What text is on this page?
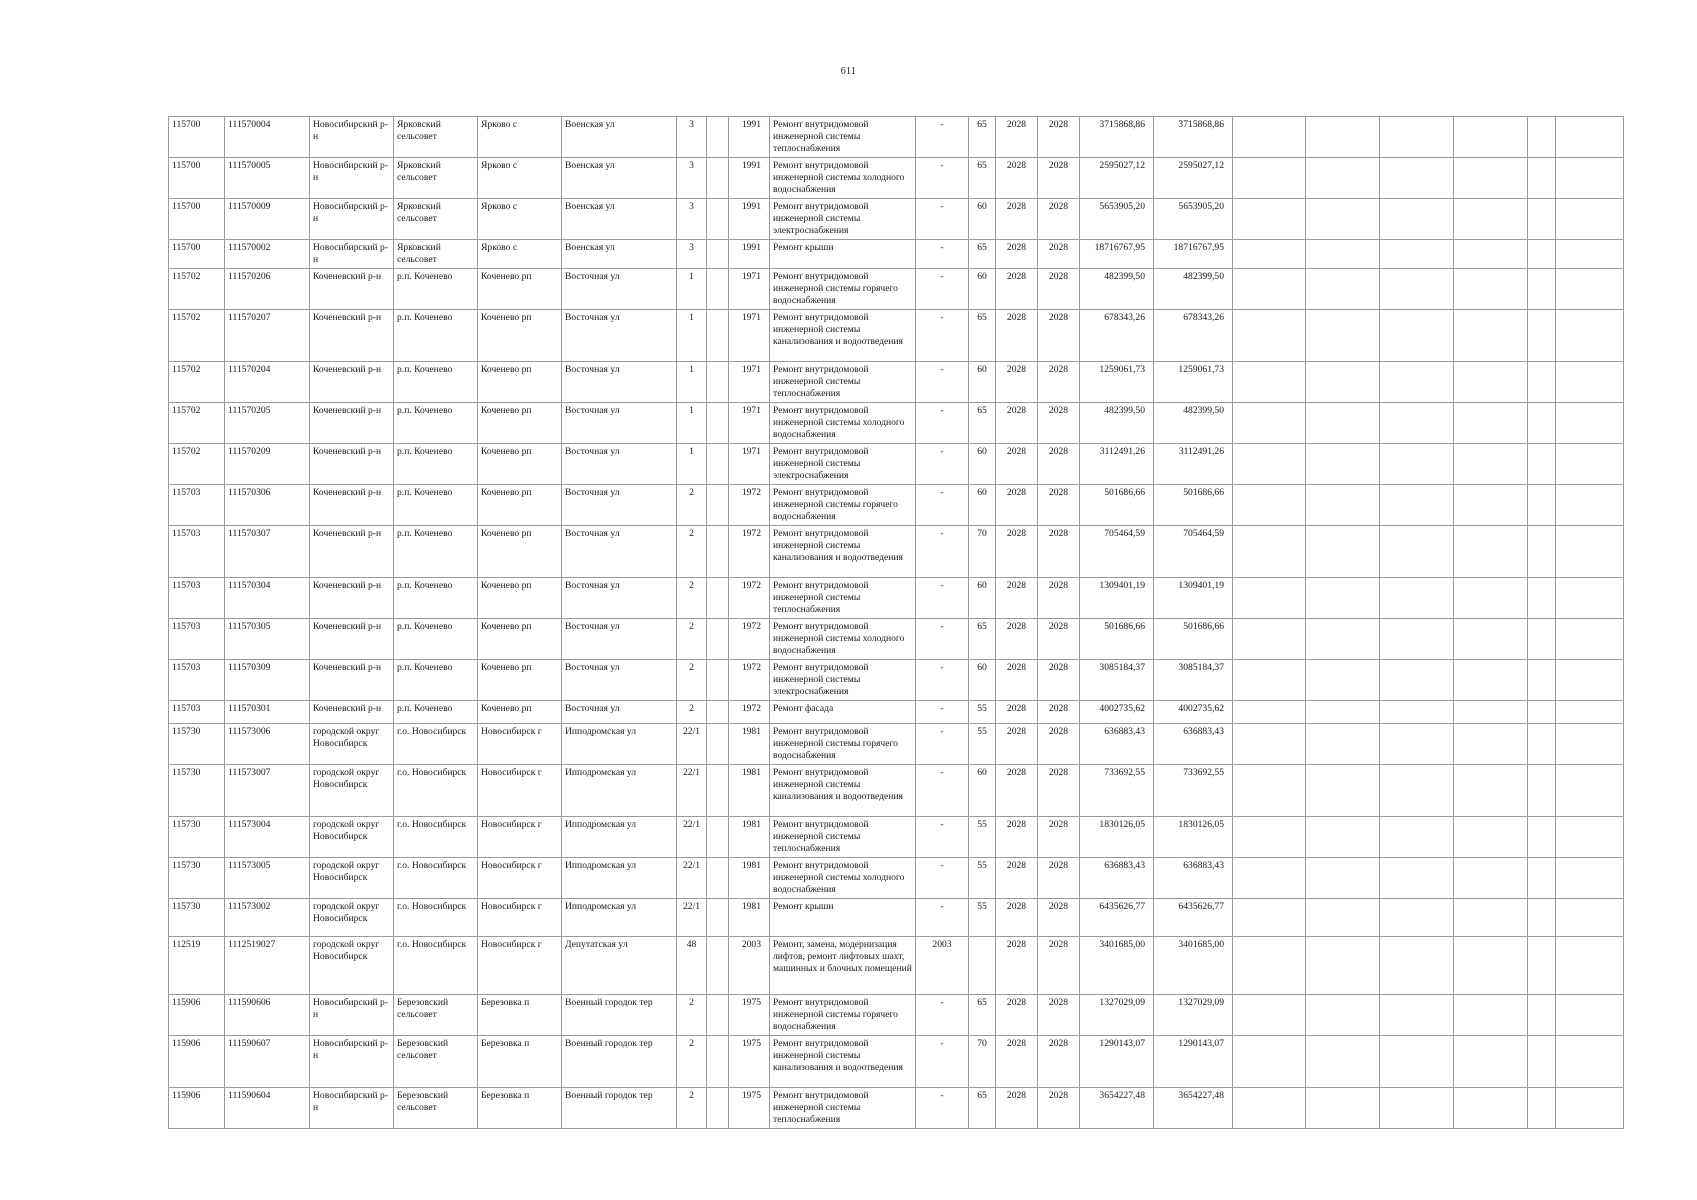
611
115700	111570004	Новосибирский р-н	Ярковский сельсовет	Ярково с	Военская ул	3		1991	Ремонт внутридомовой инженерной системы теплоснабжения	-	65	2028	2028	3715868,86	3715868,86						
115700	111570005	Новосибирский р-н	Ярковский сельсовет	Ярково с	Военская ул	3		1991	Ремонт внутридомовой инженерной системы холодного водоснабжения	-	65	2028	2028	2595027,12	2595027,12						
115700	111570009	Новосибирский р-н	Ярковский сельсовет	Ярково с	Военская ул	3		1991	Ремонт внутридомовой инженерной системы электроснабжения	-	60	2028	2028	5653905,20	5653905,20						
115700	111570002	Новосибирский р-н	Ярковский сельсовет	Ярково с	Военская ул	3		1991	Ремонт крыши	-	65	2028	2028	18716767,95	18716767,95						
115702	111570206	Коченевский р-н	р.п. Коченево	Коченево рп	Восточная ул	1		1971	Ремонт внутридомовой инженерной системы горячего водоснабжения	-	60	2028	2028	482399,50	482399,50						
115702	111570207	Коченевский р-н	р.п. Коченево	Коченево рп	Восточная ул	1		1971	Ремонт внутридомовой инженерной системы канализования и водоотведения	-	65	2028	2028	678343,26	678343,26						
115702	111570204	Коченевский р-н	р.п. Коченево	Коченево рп	Восточная ул	1		1971	Ремонт внутридомовой инженерной системы теплоснабжения	-	60	2028	2028	1259061,73	1259061,73						
115702	111570205	Коченевский р-н	р.п. Коченево	Коченево рп	Восточная ул	1		1971	Ремонт внутридомовой инженерной системы холодного водоснабжения	-	65	2028	2028	482399,50	482399,50						
115702	111570209	Коченевский р-н	р.п. Коченево	Коченево рп	Восточная ул	1		1971	Ремонт внутридомовой инженерной системы электроснабжения	-	60	2028	2028	3112491,26	3112491,26						
115703	111570306	Коченевский р-н	р.п. Коченево	Коченево рп	Восточная ул	2		1972	Ремонт внутридомовой инженерной системы горячего водоснабжения	-	60	2028	2028	501686,66	501686,66						
115703	111570307	Коченевский р-н	р.п. Коченево	Коченево рп	Восточная ул	2		1972	Ремонт внутридомовой инженерной системы канализования и водоотведения	-	70	2028	2028	705464,59	705464,59						
115703	111570304	Коченевский р-н	р.п. Коченево	Коченево рп	Восточная ул	2		1972	Ремонт внутридомовой инженерной системы теплоснабжения	-	60	2028	2028	1309401,19	1309401,19						
115703	111570305	Коченевский р-н	р.п. Коченево	Коченево рп	Восточная ул	2		1972	Ремонт внутридомовой инженерной системы холодного водоснабжения	-	65	2028	2028	501686,66	501686,66						
115703	111570309	Коченевский р-н	р.п. Коченево	Коченево рп	Восточная ул	2		1972	Ремонт внутридомовой инженерной системы электроснабжения	-	60	2028	2028	3085184,37	3085184,37						
115703	111570301	Коченевский р-н	р.п. Коченево	Коченево рп	Восточная ул	2		1972	Ремонт фасада	-	55	2028	2028	4002735,62	4002735,62						
115730	111573006	городской округ Новосибирск	г.о. Новосибирск	Новосибирск г	Ипподромская ул	22/1		1981	Ремонт внутридомовой инженерной системы горячего водоснабжения	-	55	2028	2028	636883,43	636883,43						
115730	111573007	городской округ Новосибирск	г.о. Новосибирск	Новосибирск г	Ипподромская ул	22/1		1981	Ремонт внутридомовой инженерной системы канализования и водоотведения	-	60	2028	2028	733692,55	733692,55						
115730	111573004	городской округ Новосибирск	г.о. Новосибирск	Новосибирск г	Ипподромская ул	22/1		1981	Ремонт внутридомовой инженерной системы теплоснабжения	-	55	2028	2028	1830126,05	1830126,05						
115730	111573005	городской округ Новосибирск	г.о. Новосибирск	Новосибирск г	Ипподромская ул	22/1		1981	Ремонт внутридомовой инженерной системы холодного водоснабжения	-	55	2028	2028	636883,43	636883,43						
115730	111573002	городской округ Новосибирск	г.о. Новосибирск	Новосибирск г	Ипподромская ул	22/1		1981	Ремонт крыши	-	55	2028	2028	6435626,77	6435626,77						
112519	1112519027	городской округ Новосибирск	г.о. Новосибирск	Новосибирск г	Депутатская ул	48		2003	Ремонт, замена, модернизация лифтов, ремонт лифтовых шахт, машинных и блочных помещений	2003		2028	2028	3401685,00	3401685,00						
115906	111590606	Новосибирский р-н	Березовский сельсовет	Березовка п	Военный городок тер	2		1975	Ремонт внутридомовой инженерной системы горячего водоснабжения	-	65	2028	2028	1327029,09	1327029,09						
115906	111590607	Новосибирский р-н	Березовский сельсовет	Березовка п	Военный городок тер	2		1975	Ремонт внутридомовой инженерной системы канализования и водоотведения	-	70	2028	2028	1290143,07	1290143,07						
115906	111590604	Новосибирский р-н	Березовский сельсовет	Березовка п	Военный городок тер	2		1975	Ремонт внутридомовой инженерной системы теплоснабжения	-	65	2028	2028	3654227,48	3654227,48						
